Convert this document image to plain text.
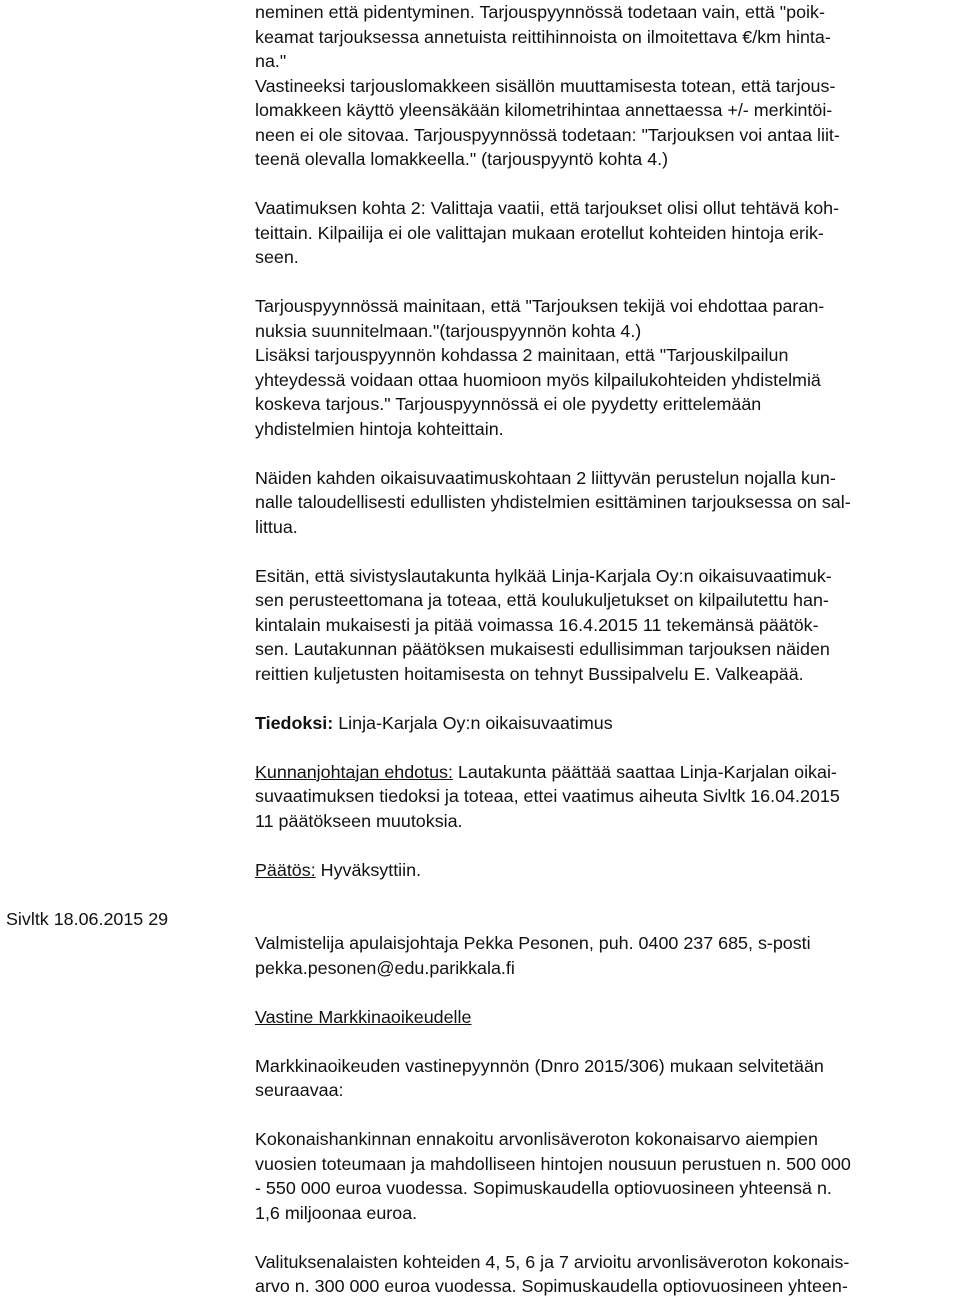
neminen että pidentyminen. Tarjouspyynnössä todetaan vain, että "poik-
keamat tarjouksessa annetuista reittihinnoista on ilmoitettava €/km hinta-
na."
Vastineeksi tarjouslomakkeen sisällön muuttamisesta totean, että tarjous-
lomakkeen käyttö yleensäkään kilometrihintaa annettaessa +/- merkintöi-
neen ei ole sitovaa. Tarjouspyynnössä todetaan: "Tarjouksen voi antaa liit-
teenä olevalla lomakkeella." (tarjouspyyntö kohta 4.)

Vaatimuksen kohta 2: Valittaja vaatii, että tarjoukset olisi ollut tehtävä koh-
teittain. Kilpailija ei ole valittajan mukaan erotellut kohteiden hintoja erik-
seen.

Tarjouspyynnössä mainitaan, että "Tarjouksen tekijä voi ehdottaa paran-
nuksia suunnitelmaan."(tarjouspyynnön kohta 4.)
Lisäksi tarjouspyynnön kohdassa 2 mainitaan, että "Tarjouskilpailun
yhteydessä voidaan ottaa huomioon myös kilpailukohteiden yhdistelmiä
koskeva tarjous." Tarjouspyynnössä ei ole pyydetty erittelemään
yhdistelmien hintoja kohteittain.

Näiden kahden oikaisuvaatimuskohtaan 2 liittyvän perustelun nojalla kun-
nalle taloudellisesti edullisten yhdistelmien esittäminen tarjouksessa on sal-
littua.

Esitän, että sivistyslautakunta hylkää Linja-Karjala Oy:n oikaisuvaatimuk-
sen perusteettomana ja toteaa, että koulukuljetukset on kilpailutettu han-
kintalain mukaisesti ja pitää voimassa 16.4.2015 11 tekemänsä päätök-
sen. Lautakunnan päätöksen mukaisesti edullisimman tarjouksen näiden
reittien kuljetusten hoitamisesta on tehnyt Bussipalvelu E. Valkeapää.

Tiedoksi: Linja-Karjala Oy:n oikaisuvaatimus

Kunnanjohtajan ehdotus: Lautakunta päättää saattaa Linja-Karjalan oikai-
suvaatimuksen tiedoksi ja toteaa, ettei vaatimus aiheuta Sivltk 16.04.2015
11 päätökseen muutoksia.

Päätös: Hyväksyttiin.

Valmistelija apulaisjohtaja Pekka Pesonen, puh. 0400 237 685, s-posti
pekka.pesonen@edu.parikkala.fi

Vastine Markkinaoikeudelle

Markkinaoikeuden vastinepyynnön (Dnro 2015/306) mukaan selvitetään
seuraavaa:

Kokonaishankinnan ennakoitu arvonlisäveroton kokonaisarvo aiempien
vuosien toteumaan ja mahdolliseen hintojen nousuun perustuen n. 500 000
- 550 000 euroa vuodessa. Sopimuskaudella optiovuosineen yhteensä n.
1,6 miljoonaa euroa.

Valituksenalaisten kohteiden 4, 5, 6 ja 7 arvioitu arvonlisäveroton kokonais-
arvo n. 300 000 euroa vuodessa. Sopimuskaudella optiovuosineen yhteen-

Sivltk 18.06.2015 29
